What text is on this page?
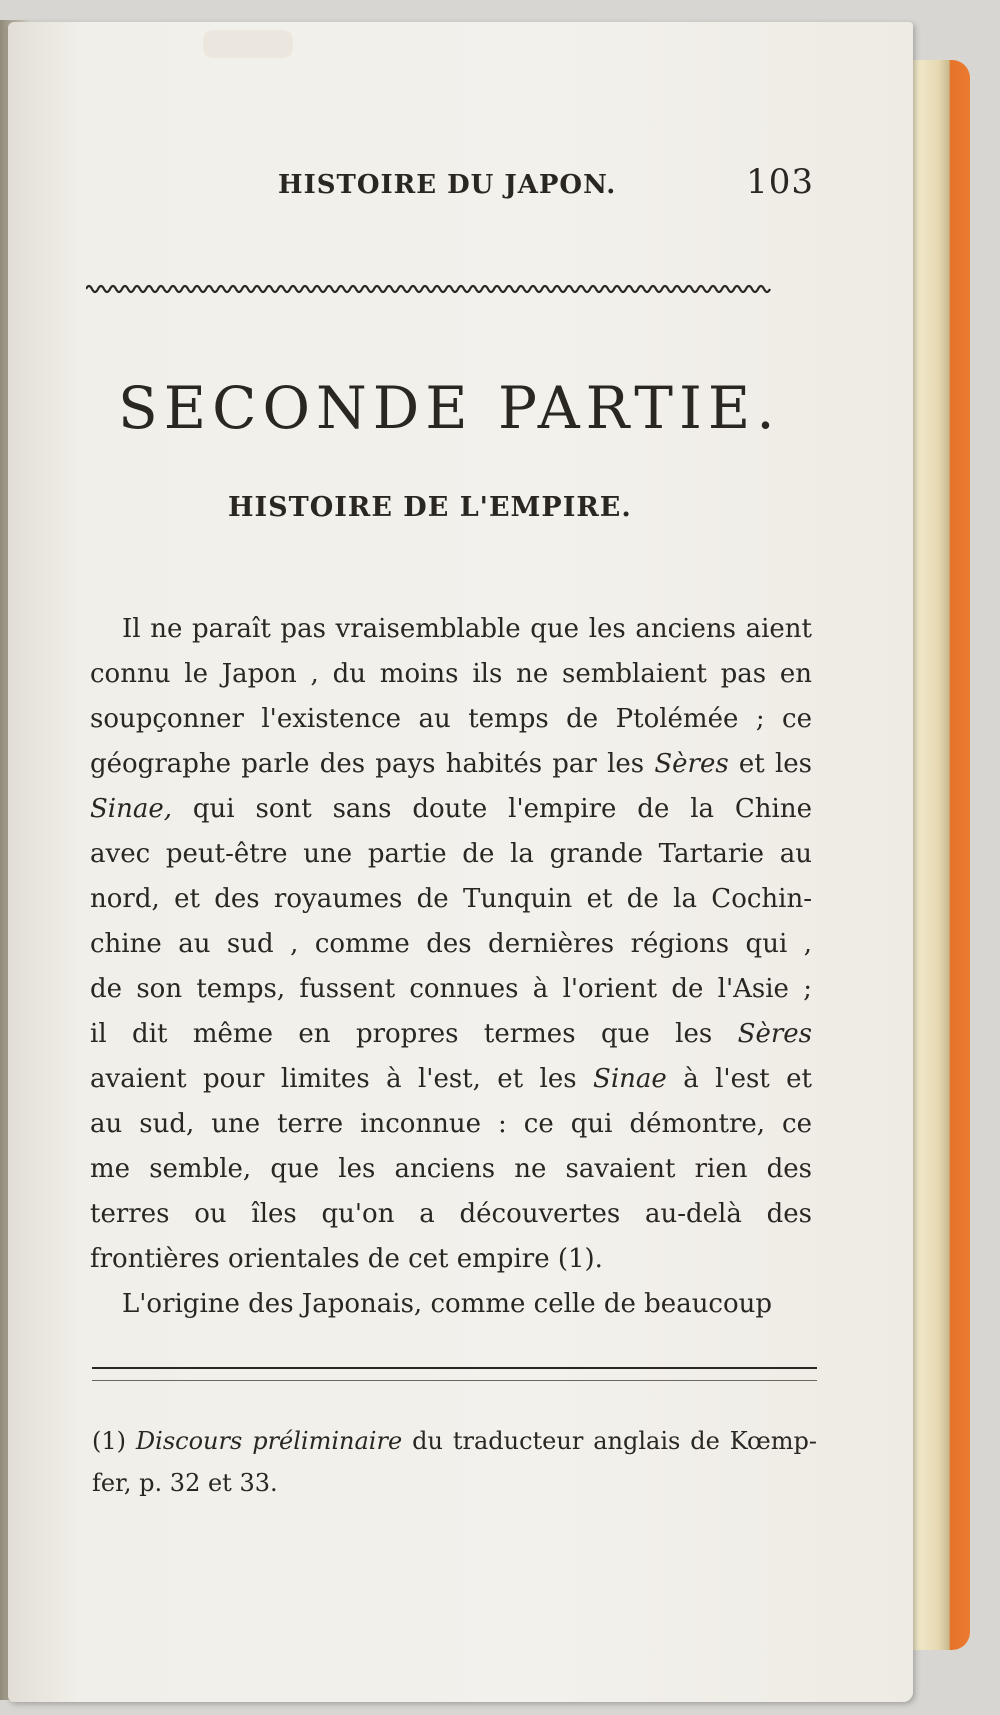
HISTOIRE DU JAPON.	103
SECONDE PARTIE.
HISTOIRE DE L'EMPIRE.
Il ne paraît pas vraisemblable que les anciens aient
connu le Japon , du moins ils ne semblaient pas en
soupçonner l'existence au temps de Ptolémée ; ce
géographe parle des pays habités par les Sères et les
Sinae, qui sont sans doute l'empire de la Chine
avec peut-être une partie de la grande Tartarie au
nord, et des royaumes de Tunquin et de la Cochin-
chine au sud , comme des dernières régions qui ,
de son temps, fussent connues à l'orient de l'Asie ;
il dit même en propres termes que les Sères
avaient pour limites à l'est, et les Sinae à l'est et
au sud, une terre inconnue : ce qui démontre, ce
me semble, que les anciens ne savaient rien des
terres ou îles qu'on a découvertes au-delà des
frontières orientales de cet empire (1).
L'origine des Japonais, comme celle de beaucoup
(1) Discours préliminaire du traducteur anglais de Kœmp-
fer, p. 32 et 33.
